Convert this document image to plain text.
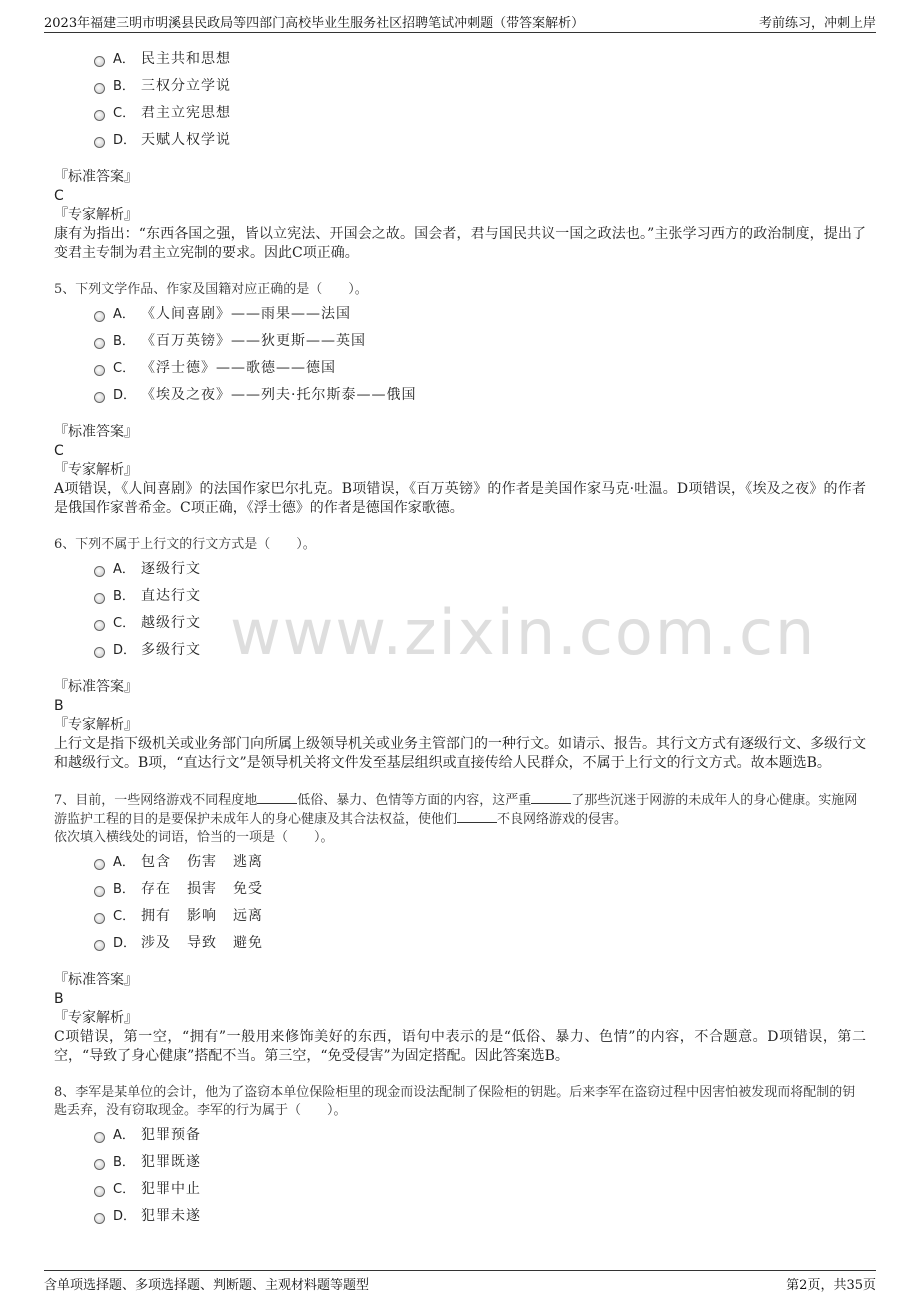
2023年福建三明市明溪县民政局等四部门高校毕业生服务社区招聘笔试冲刺题（带答案解析）	考前练习，冲刺上岸
www.zixin.com.cn
A． 民主共和思想
B． 三权分立学说
C． 君主立宪思想
D． 天赋人权学说
『标准答案』
C
『专家解析』
康有为指出：“东西各国之强，皆以立宪法、开国会之故。国会者，君与国民共议一国之政法也。”主张学习西方的政治制度，提出了变君主专制为君主立宪制的要求。因此C项正确。

5、下列文学作品、作家及国籍对应正确的是（　　）。

A． 《人间喜剧》——雨果——法国
B． 《百万英镑》——狄更斯——英国
C． 《浮士德》——歌德——德国
D． 《埃及之夜》——列夫·托尔斯泰——俄国
『标准答案』
C
『专家解析』
A项错误，《人间喜剧》的法国作家巴尔扎克。B项错误，《百万英镑》的作者是美国作家马克·吐温。D项错误，《埃及之夜》的作者是俄国作家普希金。C项正确，《浮士德》的作者是德国作家歌德。

6、下列不属于上行文的行文方式是（　　）。

A． 逐级行文
B． 直达行文
C． 越级行文
D． 多级行文
『标准答案』
B
『专家解析』
上行文是指下级机关或业务部门向所属上级领导机关或业务主管部门的一种行文。如请示、报告。其行文方式有逐级行文、多级行文和越级行文。B项，“直达行文”是领导机关将文件发至基层组织或直接传给人民群众，不属于上行文的行文方式。故本题选B。

7、目前，一些网络游戏不同程度地	低俗、暴力、色情等方面的内容，这严重	了那些沉迷于网游的未成年人的身心健康。实施网游监护工程的目的是要保护未成年人的身心健康及其合法权益，使他们	不良网络游戏的侵害。

依次填入横线处的词语，恰当的一项是（　　）。

A． 包含 伤害 逃离
B． 存在 损害 免受
C． 拥有 影响 远离
D． 涉及 导致 避免
『标准答案』
B
『专家解析』
C项错误，第一空，“拥有”一般用来修饰美好的东西，语句中表示的是“低俗、暴力、色情”的内容，不合题意。D项错误，第二空，“导致了身心健康”搭配不当。第三空，“免受侵害”为固定搭配。因此答案选B。

8、李军是某单位的会计，他为了盗窃本单位保险柜里的现金而设法配制了保险柜的钥匙。后来李军在盗窃过程中因害怕被发现而将配制的钥匙丢弃，没有窃取现金。李军的行为属于（　　）。

A． 犯罪预备
B． 犯罪既遂
C． 犯罪中止
D． 犯罪未遂
含单项选择题、多项选择题、判断题、主观材料题等题型	第2页，共35页
